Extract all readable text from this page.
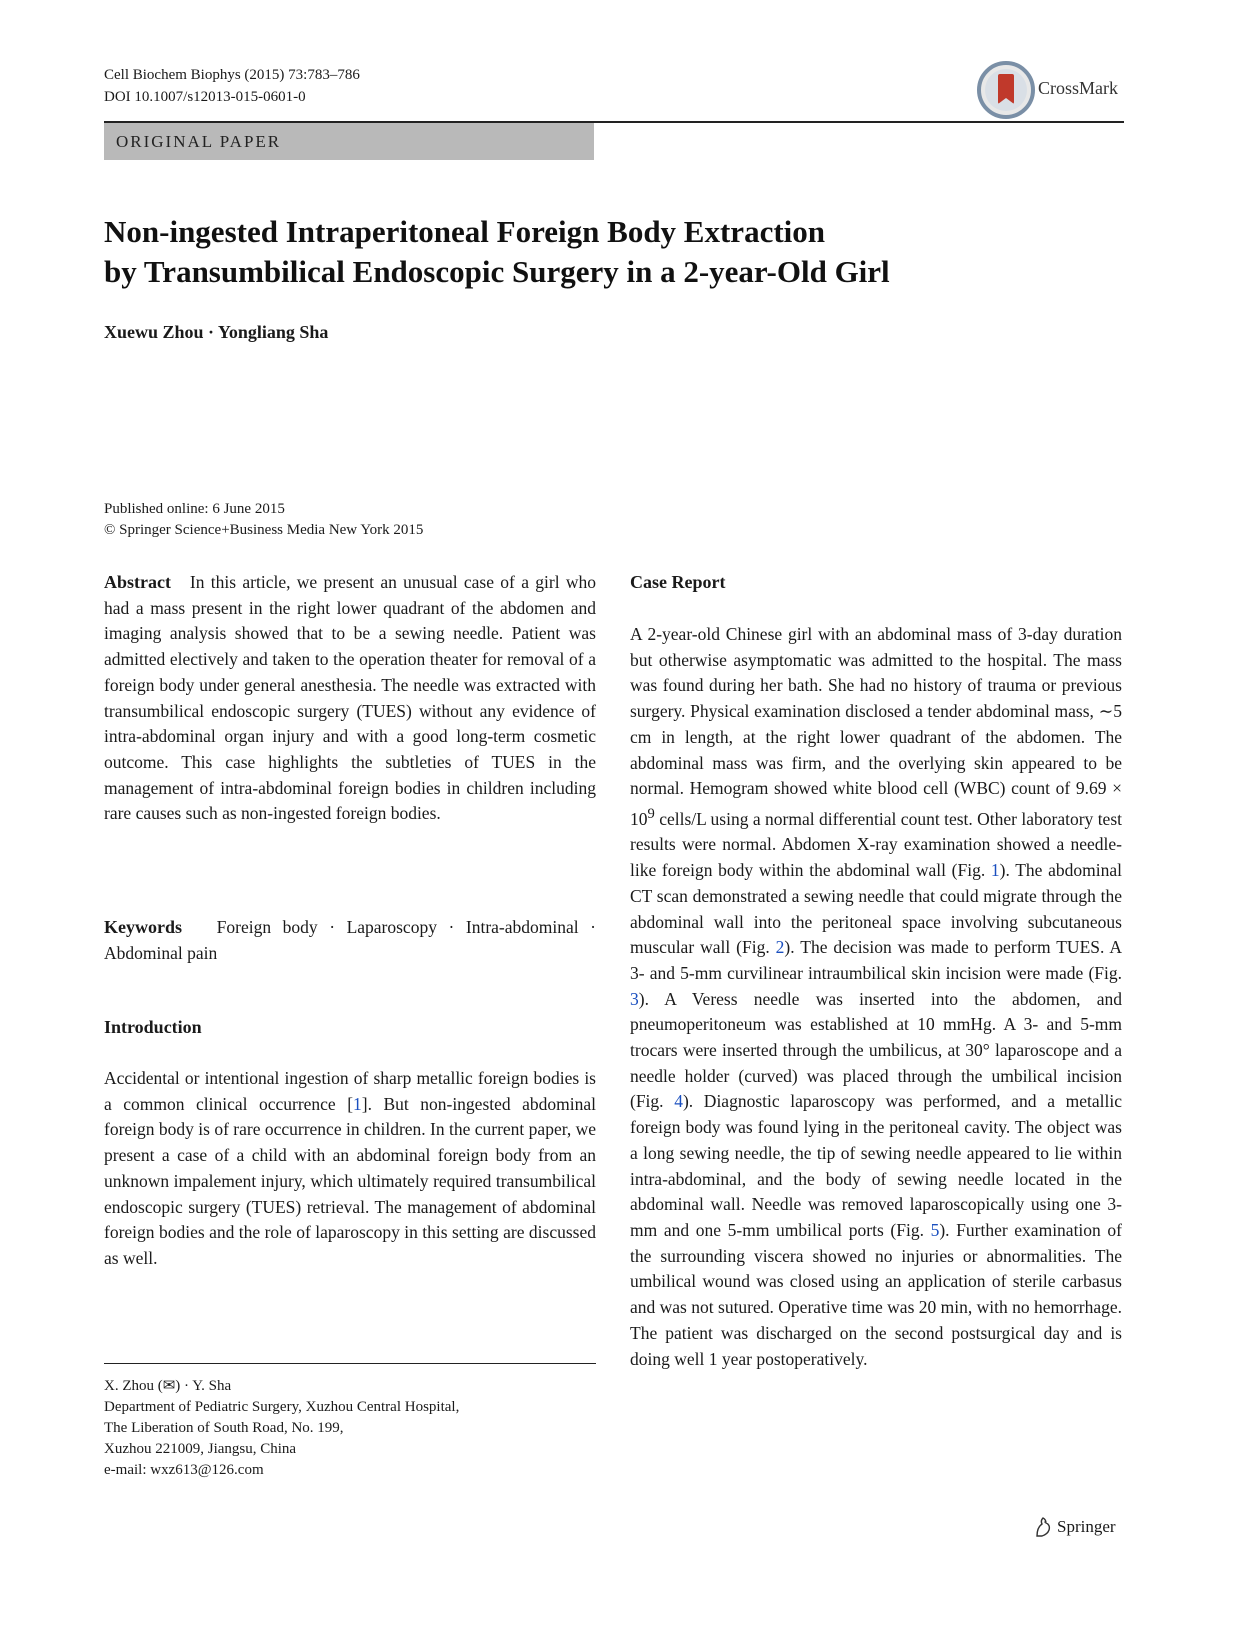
Cell Biochem Biophys (2015) 73:783–786
DOI 10.1007/s12013-015-0601-0	CrossMark
ORIGINAL PAPER
Non-ingested Intraperitoneal Foreign Body Extraction
by Transumbilical Endoscopic Surgery in a 2-year-Old Girl
Xuewu Zhou · Yongliang Sha
Published online: 6 June 2015
© Springer Science+Business Media New York 2015
Abstract In this article, we present an unusual case of a girl who had a mass present in the right lower quadrant of the abdomen and imaging analysis showed that to be a sewing needle. Patient was admitted electively and taken to the operation theater for removal of a foreign body under general anesthesia. The needle was extracted with transumbilical endoscopic surgery (TUES) without any evidence of intra-abdominal organ injury and with a good long-term cosmetic outcome. This case highlights the subtleties of TUES in the management of intra-abdominal foreign bodies in children including rare causes such as non-ingested foreign bodies.
Keywords Foreign body · Laparoscopy · Intra-abdominal · Abdominal pain
Introduction
Accidental or intentional ingestion of sharp metallic foreign bodies is a common clinical occurrence [1]. But non-ingested abdominal foreign body is of rare occurrence in children. In the current paper, we present a case of a child with an abdominal foreign body from an unknown impalement injury, which ultimately required transumbilical endoscopic surgery (TUES) retrieval. The management of abdominal foreign bodies and the role of laparoscopy in this setting are discussed as well.
X. Zhou (✉) · Y. Sha
Department of Pediatric Surgery, Xuzhou Central Hospital,
The Liberation of South Road, No. 199,
Xuzhou 221009, Jiangsu, China
e-mail: wxz613@126.com
Case Report
A 2-year-old Chinese girl with an abdominal mass of 3-day duration but otherwise asymptomatic was admitted to the hospital. The mass was found during her bath. She had no history of trauma or previous surgery. Physical examination disclosed a tender abdominal mass, ∼5 cm in length, at the right lower quadrant of the abdomen. The abdominal mass was firm, and the overlying skin appeared to be normal. Hemogram showed white blood cell (WBC) count of $9.69 \times 10^9$ cells/L using a normal differential count test. Other laboratory test results were normal. Abdomen X-ray examination showed a needle-like foreign body within the abdominal wall (Fig. 1). The abdominal CT scan demonstrated a sewing needle that could migrate through the abdominal wall into the peritoneal space involving subcutaneous muscular wall (Fig. 2). The decision was made to perform TUES. A 3- and 5-mm curvilinear intraumbilical skin incision were made (Fig. 3). A Veress needle was inserted into the abdomen, and pneumoperitoneum was established at 10 mmHg. A 3- and 5-mm trocars were inserted through the umbilicus, at 30° laparoscope and a needle holder (curved) was placed through the umbilical incision (Fig. 4). Diagnostic laparoscopy was performed, and a metallic foreign body was found lying in the peritoneal cavity. The object was a long sewing needle, the tip of sewing needle appeared to lie within intra-abdominal, and the body of sewing needle located in the abdominal wall. Needle was removed laparoscopically using one 3-mm and one 5-mm umbilical ports (Fig. 5). Further examination of the surrounding viscera showed no injuries or abnormalities. The umbilical wound was closed using an application of sterile carbasus and was not sutured. Operative time was 20 min, with no hemorrhage. The patient was discharged on the second postsurgical day and is doing well 1 year postoperatively.
Springer
